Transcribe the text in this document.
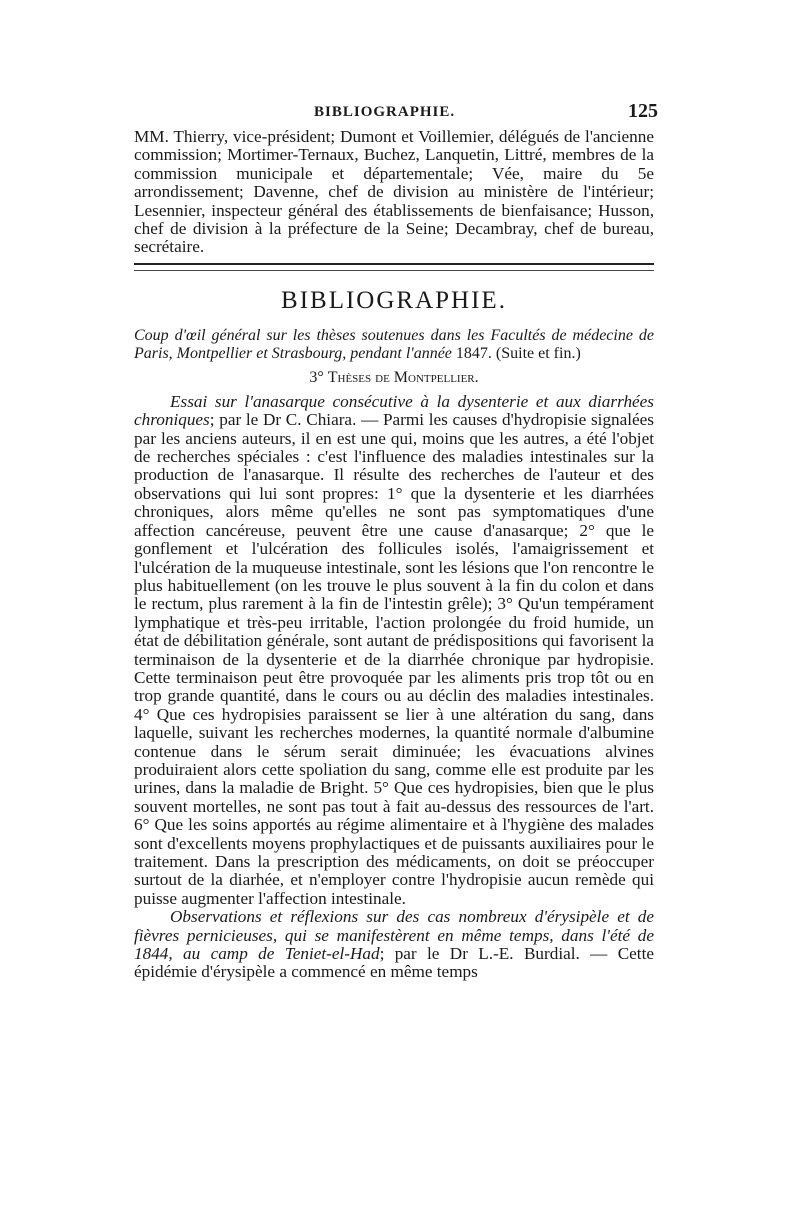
BIBLIOGRAPHIE.	125

MM. Thierry, vice-président; Dumont et Voillemier, délégués de l'ancienne commission; Mortimer-Ternaux, Buchez, Lanquetin, Littré, membres de la commission municipale et départementale; Vée, maire du 5e arrondissement; Davenne, chef de division au ministère de l'intérieur; Lesennier, inspecteur général des établissements de bienfaisance; Husson, chef de division à la préfecture de la Seine; Decambray, chef de bureau, secrétaire.

BIBLIOGRAPHIE.

Coup d'œil général sur les thèses soutenues dans les Facultés de médecine de Paris, Montpellier et Strasbourg, pendant l'année 1847. (Suite et fin.)

3° Thèses de Montpellier.

Essai sur l'anasarque consécutive à la dysenterie et aux diarrhées chroniques; par le Dr C. Chiara. — Parmi les causes d'hydropisie signalées par les anciens auteurs, il en est une qui, moins que les autres, a été l'objet de recherches spéciales : c'est l'influence des maladies intestinales sur la production de l'anasarque. Il résulte des recherches de l'auteur et des observations qui lui sont propres: 1° que la dysenterie et les diarrhées chroniques, alors même qu'elles ne sont pas symptomatiques d'une affection cancéreuse, peuvent être une cause d'anasarque; 2° que le gonflement et l'ulcération des follicules isolés, l'amaigrissement et l'ulcération de la muqueuse intestinale, sont les lésions que l'on rencontre le plus habituellement (on les trouve le plus souvent à la fin du colon et dans le rectum, plus rarement à la fin de l'intestin grêle); 3° Qu'un tempérament lymphatique et très-peu irritable, l'action prolongée du froid humide, un état de débilitation générale, sont autant de prédispositions qui favorisent la terminaison de la dysenterie et de la diarrhée chronique par hydropisie. Cette terminaison peut être provoquée par les aliments pris trop tôt ou en trop grande quantité, dans le cours ou au déclin des maladies intestinales. 4° Que ces hydropisies paraissent se lier à une altération du sang, dans laquelle, suivant les recherches modernes, la quantité normale d'albumine contenue dans le sérum serait diminuée; les évacuations alvines produiraient alors cette spoliation du sang, comme elle est produite par les urines, dans la maladie de Bright. 5° Que ces hydropisies, bien que le plus souvent mortelles, ne sont pas tout à fait au-dessus des ressources de l'art. 6° Que les soins apportés au régime alimentaire et à l'hygiène des malades sont d'excellents moyens prophylactiques et de puissants auxiliaires pour le traitement. Dans la prescription des médicaments, on doit se préoccuper surtout de la diarhée, et n'employer contre l'hydropisie aucun remède qui puisse augmenter l'affection intestinale.

Observations et réflexions sur des cas nombreux d'érysipèle et de fièvres pernicieuses, qui se manifestèrent en même temps, dans l'été de 1844, au camp de Teniet-el-Had; par le Dr L.-E. Burdial. — Cette épidémie d'érysipèle a commencé en même temps
